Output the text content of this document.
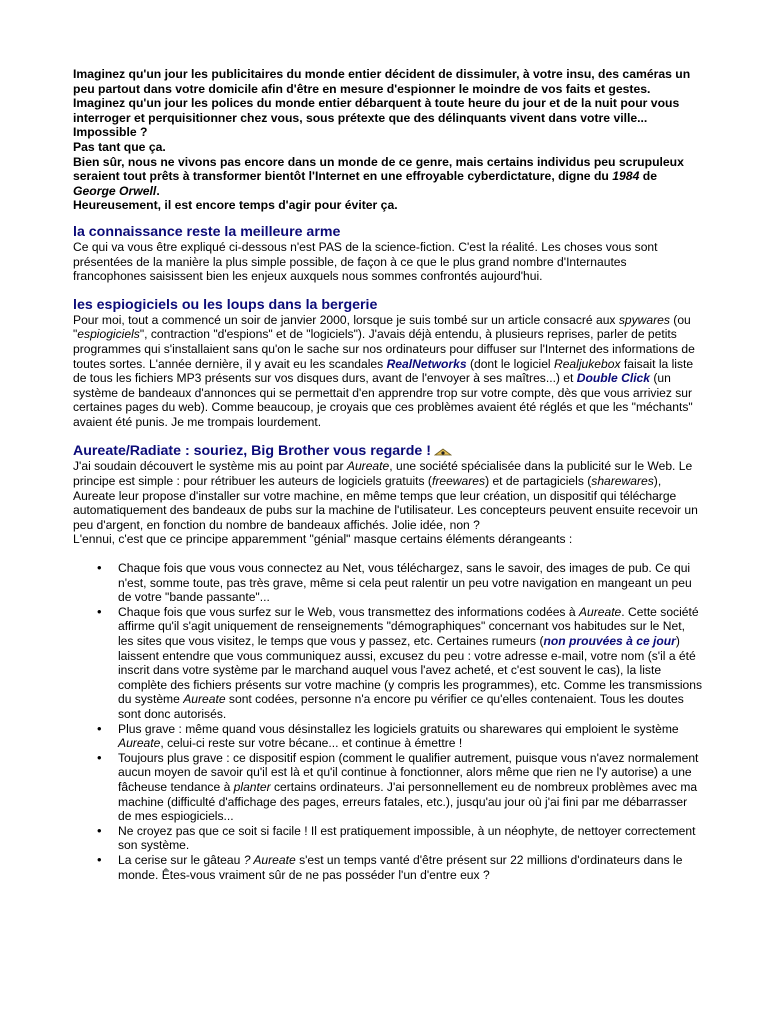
Imaginez qu'un jour les publicitaires du monde entier décident de dissimuler, à votre insu, des caméras un peu partout dans votre domicile afin d'être en mesure d'espionner le moindre de vos faits et gestes.

Imaginez qu'un jour les polices du monde entier débarquent à toute heure du jour et de la nuit pour vous interroger et perquisitionner chez vous, sous prétexte que des délinquants vivent dans votre ville...

Impossible ?

Pas tant que ça.

Bien sûr, nous ne vivons pas encore dans un monde de ce genre, mais certains individus peu scrupuleux seraient tout prêts à transformer bientôt l'Internet en une effroyable cyberdictature, digne du 1984 de George Orwell.

Heureusement, il est encore temps d'agir pour éviter ça.

la connaissance reste la meilleure arme

Ce qui va vous être expliqué ci-dessous n'est PAS de la science-fiction. C'est la réalité. Les choses vous sont présentées de la manière la plus simple possible, de façon à ce que le plus grand nombre d'Internautes francophones saisissent bien les enjeux auxquels nous sommes confrontés aujourd'hui.

les espiogiciels ou les loups dans la bergerie

Pour moi, tout a commencé un soir de janvier 2000, lorsque je suis tombé sur un article consacré aux spywares (ou "espiogiciels", contraction "d'espions" et de "logiciels"). J'avais déjà entendu, à plusieurs reprises, parler de petits programmes qui s'installaient sans qu'on le sache sur nos ordinateurs pour diffuser sur l'Internet des informations de toutes sortes. L'année dernière, il y avait eu les scandales RealNetworks (dont le logiciel Realjukebox faisait la liste de tous les fichiers MP3 présents sur vos disques durs, avant de l'envoyer à ses maîtres...) et Double Click (un système de bandeaux d'annonces qui se permettait d'en apprendre trop sur votre compte, dès que vous arriviez sur certaines pages du web). Comme beaucoup, je croyais que ces problèmes avaient été réglés et que les "méchants" avaient été punis. Je me trompais lourdement.

Aureate/Radiate : souriez, Big Brother vous regarde !

J'ai soudain découvert le système mis au point par Aureate, une société spécialisée dans la publicité sur le Web. Le principe est simple : pour rétribuer les auteurs de logiciels gratuits (freewares) et de partagiciels (sharewares), Aureate leur propose d'installer sur votre machine, en même temps que leur création, un dispositif qui télécharge automatiquement des bandeaux de pubs sur la machine de l'utilisateur. Les concepteurs peuvent ensuite recevoir un peu d'argent, en fonction du nombre de bandeaux affichés. Jolie idée, non ?
L'ennui, c'est que ce principe apparemment "génial" masque certains éléments dérangeants :

• Chaque fois que vous vous connectez au Net, vous téléchargez, sans le savoir, des images de pub. Ce qui n'est, somme toute, pas très grave, même si cela peut ralentir un peu votre navigation en mangeant un peu de votre "bande passante"...
• Chaque fois que vous surfez sur le Web, vous transmettez des informations codées à Aureate. Cette société affirme qu'il s'agit uniquement de renseignements "démographiques" concernant vos habitudes sur le Net, les sites que vous visitez, le temps que vous y passez, etc. Certaines rumeurs (non prouvées à ce jour) laissent entendre que vous communiquez aussi, excusez du peu : votre adresse e-mail, votre nom (s'il a été inscrit dans votre système par le marchand auquel vous l'avez acheté, et c'est souvent le cas), la liste complète des fichiers présents sur votre machine (y compris les programmes), etc. Comme les transmissions du système Aureate sont codées, personne n'a encore pu vérifier ce qu'elles contenaient. Tous les doutes sont donc autorisés.
• Plus grave : même quand vous désinstallez les logiciels gratuits ou sharewares qui emploient le système Aureate, celui-ci reste sur votre bécane... et continue à émettre !
• Toujours plus grave : ce dispositif espion (comment le qualifier autrement, puisque vous n'avez normalement aucun moyen de savoir qu'il est là et qu'il continue à fonctionner, alors même que rien ne l'y autorise) a une fâcheuse tendance à planter certains ordinateurs. J'ai personnellement eu de nombreux problèmes avec ma machine (difficulté d'affichage des pages, erreurs fatales, etc.), jusqu'au jour où j'ai fini par me débarrasser de mes espiogiciels...
• Ne croyez pas que ce soit si facile ! Il est pratiquement impossible, à un néophyte, de nettoyer correctement son système.
• La cerise sur le gâteau ? Aureate s'est un temps vanté d'être présent sur 22 millions d'ordinateurs dans le monde. Êtes-vous vraiment sûr de ne pas posséder l'un d'entre eux ?
